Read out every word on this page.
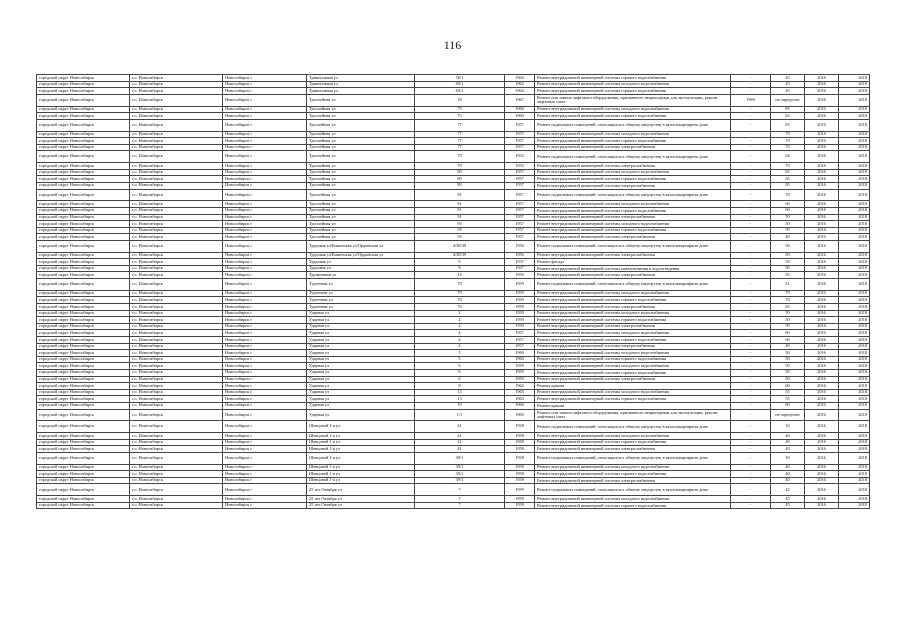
116
городской округ Новосибирск	г.о. Новосибирск	Новосибирск г	Трикотажная ул	56/1	1962	Ремонт внутридомовой инженерной системы горячего водоснабжения	-	45	2016	2018
городской округ Новосибирск	г.о. Новосибирск	Новосибирск г	Трикотажная ул	60/1	1962	Ремонт внутридомовой инженерной системы холодного водоснабжения	-	45	2016	2018
городской округ Новосибирск	г.о. Новосибирск	Новосибирск г	Трикотажная ул	60/1	1962	Ремонт внутридомовой инженерной системы горячего водоснабжения	-	45	2016	2018
городской округ Новосибирск	г.о. Новосибирск	Новосибирск г	Троллейная ул	18	1967	Ремонт или замена лифтового оборудования, признанного непригодным для эксплуатации, ремонт лифтовых шахт	1969	не определен	2016	2018
городской округ Новосибирск	г.о. Новосибирск	Новосибирск г	Троллейная ул	73	1960	Ремонт внутридомовой инженерной системы холодного водоснабжения	-	65	2016	2018
городской округ Новосибирск	г.о. Новосибирск	Новосибирск г	Троллейная ул	73	1960	Ремонт внутридомовой инженерной системы горячего водоснабжения	-	65	2016	2018
городской округ Новосибирск	г.о. Новосибирск	Новосибирск г	Троллейная ул	77	1957	Ремонт подвальных помещений, относящихся к общему имуществу в многоквартирном доме	-	65	2016	2018
городской округ Новосибирск	г.о. Новосибирск	Новосибирск г	Троллейная ул	77	1957	Ремонт внутридомовой инженерной системы холодного водоснабжения	-	70	2016	2018
городской округ Новосибирск	г.о. Новосибирск	Новосибирск г	Троллейная ул	77	1957	Ремонт внутридомовой инженерной системы горячего водоснабжения	-	70	2016	2018
городской округ Новосибирск	г.о. Новосибирск	Новосибирск г	Троллейная ул	77	1957	Ремонт внутридомовой инженерной системы электроснабжения	-	70	2016	2018
городской округ Новосибирск	г.о. Новосибирск	Новосибирск г	Троллейная ул	79	1953	Ремонт подвальных помещений, относящихся к общему имуществу в многоквартирном доме	-	64	2016	2018
городской округ Новосибирск	г.о. Новосибирск	Новосибирск г	Троллейная ул	79	1953	Ремонт внутридомовой инженерной системы электроснабжения	-	70	2016	2018
городской округ Новосибирск	г.о. Новосибирск	Новосибирск г	Троллейная ул	89	1957	Ремонт внутридомовой инженерной системы холодного водоснабжения	-	65	2016	2018
городской округ Новосибирск	г.о. Новосибирск	Новосибирск г	Троллейная ул	89	1957	Ремонт внутридомовой инженерной системы горячего водоснабжения	-	65	2016	2018
городской округ Новосибирск	г.о. Новосибирск	Новосибирск г	Троллейная ул	89	1957	Ремонт внутридомовой инженерной системы электроснабжения	-	65	2016	2018
городской округ Новосибирск	г.о. Новосибирск	Новосибирск г	Троллейная ул	91	1957	Ремонт подвальных помещений, относящихся к общему имуществу в многоквартирном доме	-	70	2016	2018
городской округ Новосибирск	г.о. Новосибирск	Новосибирск г	Троллейная ул	91	1957	Ремонт внутридомовой инженерной системы холодного водоснабжения	-	60	2016	2018
городской округ Новосибирск	г.о. Новосибирск	Новосибирск г	Троллейная ул	91	1957	Ремонт внутридомовой инженерной системы горячего водоснабжения	-	60	2016	2018
городской округ Новосибирск	г.о. Новосибирск	Новосибирск г	Троллейная ул	91	1957	Ремонт внутридомовой инженерной системы электроснабжения	-	50	2016	2018
городской округ Новосибирск	г.о. Новосибирск	Новосибирск г	Троллейная ул	93	1957	Ремонт внутридомовой инженерной системы холодного водоснабжения	-	50	2016	2018
городской округ Новосибирск	г.о. Новосибирск	Новосибирск г	Троллейная ул	93	1957	Ремонт внутридомовой инженерной системы горячего водоснабжения	-	50	2016	2018
городской округ Новосибирск	г.о. Новосибирск	Новосибирск г	Троллейная ул	93	1957	Ремонт внутридомовой инженерной системы электроснабжения	-	40	2016	2018
городской округ Новосибирск	г.о. Новосибирск	Новосибирск г	Трудовая ул/Каменская ул/Ордынская ул	4/38/39	1956	Ремонт подвальных помещений, относящихся к общему имуществу в многоквартирном доме	-	50	2016	2018
городской округ Новосибирск	г.о. Новосибирск	Новосибирск г	Трудовая ул/Каменская ул/Ордынская ул	4/38/39	1956	Ремонт внутридомовой инженерной системы электроснабжения	-	50	2016	2018
городской округ Новосибирск	г.о. Новосибирск	Новосибирск г	Трудовая ул	9	1937	Ремонт фасада	-	55	2016	2018
городской округ Новосибирск	г.о. Новосибирск	Новосибирск г	Трудовая ул	9	1937	Ремонт внутридомовой инженерной системы канализования и водоотведения	-	50	2016	2018
городской округ Новосибирск	г.о. Новосибирск	Новосибирск г	Тружеников ул	14	1956	Ремонт внутридомовой инженерной системы электроснабжения	-	55	2016	2018
городской округ Новосибирск	г.о. Новосибирск	Новосибирск г	Тургенева ул	70	1959	Ремонт подвальных помещений, относящихся к общему имуществу в многоквартирном доме	-	51	2016	2018
городской округ Новосибирск	г.о. Новосибирск	Новосибирск г	Тургенева ул	70	1959	Ремонт внутридомовой инженерной системы холодного водоснабжения	-	70	2016	2018
городской округ Новосибирск	г.о. Новосибирск	Новосибирск г	Тургенева ул	70	1959	Ремонт внутридомовой инженерной системы горячего водоснабжения	-	70	2016	2018
городской округ Новосибирск	г.о. Новосибирск	Новосибирск г	Тургенева ул	70	1959	Ремонт внутридомовой инженерной системы электроснабжения	-	65	2016	2018
городской округ Новосибирск	г.о. Новосибирск	Новосибирск г	Ударная ул	2	1959	Ремонт внутридомовой инженерной системы холодного водоснабжения	-	50	2016	2018
городской округ Новосибирск	г.о. Новосибирск	Новосибирск г	Ударная ул	2	1959	Ремонт внутридомовой инженерной системы горячего водоснабжения	-	50	2016	2018
городской округ Новосибирск	г.о. Новосибирск	Новосибирск г	Ударная ул	2	1959	Ремонт внутридомовой инженерной системы электроснабжения	-	50	2016	2018
городской округ Новосибирск	г.о. Новосибирск	Новосибирск г	Ударная ул	4	1957	Ремонт внутридомовой инженерной системы холодного водоснабжения	-	60	2016	2018
городской округ Новосибирск	г.о. Новосибирск	Новосибирск г	Ударная ул	4	1957	Ремонт внутридомовой инженерной системы горячего водоснабжения	-	60	2016	2018
городской округ Новосибирск	г.о. Новосибирск	Новосибирск г	Ударная ул	4	1957	Ремонт внутридомовой инженерной системы электроснабжения	-	40	2016	2018
городской округ Новосибирск	г.о. Новосибирск	Новосибирск г	Ударная ул	5	1960	Ремонт внутридомовой инженерной системы холодного водоснабжения	-	50	2016	2018
городской округ Новосибирск	г.о. Новосибирск	Новосибирск г	Ударная ул	5	1960	Ремонт внутридомовой инженерной системы горячего водоснабжения	-	50	2016	2018
городской округ Новосибирск	г.о. Новосибирск	Новосибирск г	Ударная ул	6	1959	Ремонт внутридомовой инженерной системы холодного водоснабжения	-	50	2016	2018
городской округ Новосибирск	г.о. Новосибирск	Новосибирск г	Ударная ул	6	1959	Ремонт внутридомовой инженерной системы горячего водоснабжения	-	50	2016	2018
городской округ Новосибирск	г.о. Новосибирск	Новосибирск г	Ударная ул	6	1959	Ремонт внутридомовой инженерной системы электроснабжения	-	50	2016	2018
городской округ Новосибирск	г.о. Новосибирск	Новосибирск г	Ударная ул	8	1962	Ремонт крыши	-	60	2016	2018
городской округ Новосибирск	г.о. Новосибирск	Новосибирск г	Ударная ул	13	1963	Ремонт внутридомовой инженерной системы холодного водоснабжения	-	55	2016	2018
городской округ Новосибирск	г.о. Новосибирск	Новосибирск г	Ударная ул	13	1963	Ремонт внутридомовой инженерной системы горячего водоснабжения	-	55	2016	2018
городской округ Новосибирск	г.о. Новосибирск	Новосибирск г	Ударная ул	19	1966	Ремонт крыши	-	60	2016	2018
городской округ Новосибирск	г.о. Новосибирск	Новосибирск г	Ударная ул	1/1	1965	Ремонт или замена лифтового оборудования, признанного непригодным для эксплуатации, ремонт лифтовых шахт	-	не определен	2016	2018
городской округ Новосибирск	г.о. Новосибирск	Новосибирск г	Шевцовой 1-я ул	41	1958	Ремонт подвальных помещений, относящихся к общему имуществу в многоквартирном доме	-	33	2016	2018
городской округ Новосибирск	г.о. Новосибирск	Новосибирск г	Шевцовой 1-я ул	41	1958	Ремонт внутридомовой инженерной системы холодного водоснабжения	-	40	2016	2018
городской округ Новосибирск	г.о. Новосибирск	Новосибирск г	Шевцовой 1-я ул	41	1958	Ремонт внутридомовой инженерной системы горячего водоснабжения	-	40	2016	2018
городской округ Новосибирск	г.о. Новосибирск	Новосибирск г	Шевцовой 1-я ул	41	1958	Ремонт внутридомовой инженерной системы электроснабжения	-	40	2016	2018
городской округ Новосибирск	г.о. Новосибирск	Новосибирск г	Шевцовой 1-я ул	39/1	1958	Ремонт подвальных помещений, относящихся к общему имуществу в многоквартирном доме	-	30	2016	2018
городской округ Новосибирск	г.о. Новосибирск	Новосибирск г	Шевцовой 1-я ул	39/1	1958	Ремонт внутридомовой инженерной системы холодного водоснабжения	-	40	2016	2018
городской округ Новосибирск	г.о. Новосибирск	Новосибирск г	Шевцовой 1-я ул	39/1	1958	Ремонт внутридомовой инженерной системы горячего водоснабжения	-	40	2016	2018
городской округ Новосибирск	г.о. Новосибирск	Новосибирск г	Шевцовой 1-я ул	39/1	1958	Ремонт внутридомовой инженерной системы электроснабжения	-	40	2016	2018
городской округ Новосибирск	г.о. Новосибирск	Новосибирск г	25 лет Октября ул	7	1959	Ремонт подвальных помещений, относящихся к общему имуществу в многоквартирном доме	-	42	2016	2018
городской округ Новосибирск	г.о. Новосибирск	Новосибирск г	25 лет Октября ул	7	1959	Ремонт внутридомовой инженерной системы холодного водоснабжения	-	45	2016	2018
городской округ Новосибирск	г.о. Новосибирск	Новосибирск г	25 лет Октября ул	7	1959	Ремонт внутридомовой инженерной системы горячего водоснабжения	-	45	2016	2018
